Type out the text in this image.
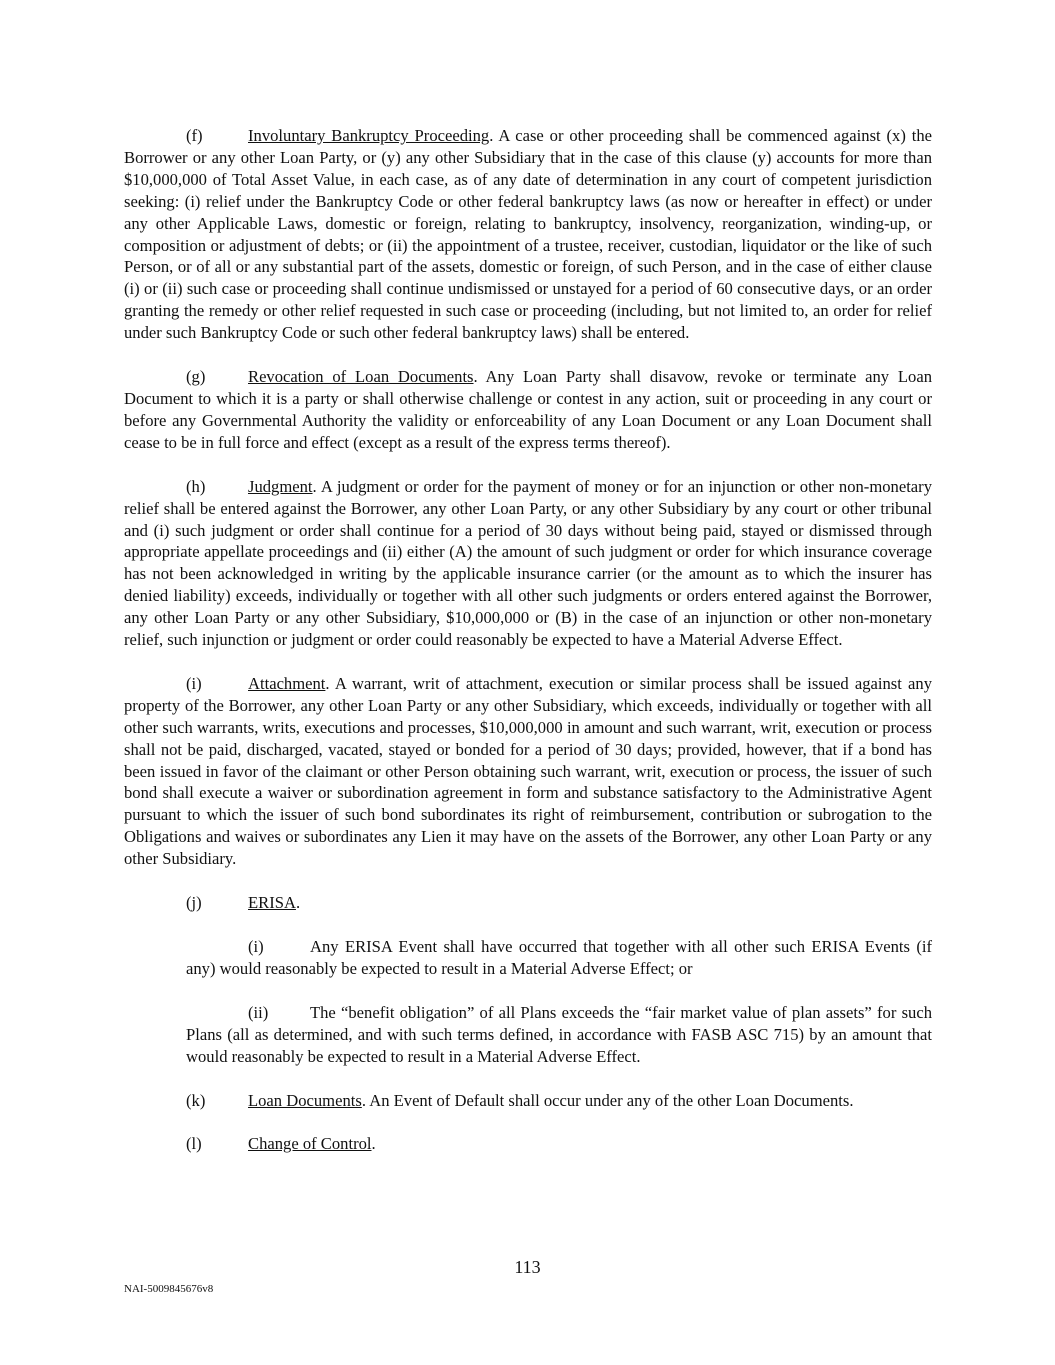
(f)	Involuntary Bankruptcy Proceeding. A case or other proceeding shall be commenced against (x) the Borrower or any other Loan Party, or (y) any other Subsidiary that in the case of this clause (y) accounts for more than $10,000,000 of Total Asset Value, in each case, as of any date of determination in any court of competent jurisdiction seeking: (i) relief under the Bankruptcy Code or other federal bankruptcy laws (as now or hereafter in effect) or under any other Applicable Laws, domestic or foreign, relating to bankruptcy, insolvency, reorganization, winding-up, or composition or adjustment of debts; or (ii) the appointment of a trustee, receiver, custodian, liquidator or the like of such Person, or of all or any substantial part of the assets, domestic or foreign, of such Person, and in the case of either clause (i) or (ii) such case or proceeding shall continue undismissed or unstayed for a period of 60 consecutive days, or an order granting the remedy or other relief requested in such case or proceeding (including, but not limited to, an order for relief under such Bankruptcy Code or such other federal bankruptcy laws) shall be entered.

(g)	Revocation of Loan Documents. Any Loan Party shall disavow, revoke or terminate any Loan Document to which it is a party or shall otherwise challenge or contest in any action, suit or proceeding in any court or before any Governmental Authority the validity or enforceability of any Loan Document or any Loan Document shall cease to be in full force and effect (except as a result of the express terms thereof).

(h)	Judgment. A judgment or order for the payment of money or for an injunction or other non-monetary relief shall be entered against the Borrower, any other Loan Party, or any other Subsidiary by any court or other tribunal and (i) such judgment or order shall continue for a period of 30 days without being paid, stayed or dismissed through appropriate appellate proceedings and (ii) either (A) the amount of such judgment or order for which insurance coverage has not been acknowledged in writing by the applicable insurance carrier (or the amount as to which the insurer has denied liability) exceeds, individually or together with all other such judgments or orders entered against the Borrower, any other Loan Party or any other Subsidiary, $10,000,000 or (B) in the case of an injunction or other non-monetary relief, such injunction or judgment or order could reasonably be expected to have a Material Adverse Effect.

(i)	Attachment. A warrant, writ of attachment, execution or similar process shall be issued against any property of the Borrower, any other Loan Party or any other Subsidiary, which exceeds, individually or together with all other such warrants, writs, executions and processes, $10,000,000 in amount and such warrant, writ, execution or process shall not be paid, discharged, vacated, stayed or bonded for a period of 30 days; provided, however, that if a bond has been issued in favor of the claimant or other Person obtaining such warrant, writ, execution or process, the issuer of such bond shall execute a waiver or subordination agreement in form and substance satisfactory to the Administrative Agent pursuant to which the issuer of such bond subordinates its right of reimbursement, contribution or subrogation to the Obligations and waives or subordinates any Lien it may have on the assets of the Borrower, any other Loan Party or any other Subsidiary.

(j)	ERISA.

(i)	Any ERISA Event shall have occurred that together with all other such ERISA Events (if any) would reasonably be expected to result in a Material Adverse Effect; or

(ii)	The “benefit obligation” of all Plans exceeds the “fair market value of plan assets” for such Plans (all as determined, and with such terms defined, in accordance with FASB ASC 715) by an amount that would reasonably be expected to result in a Material Adverse Effect.

(k)	Loan Documents. An Event of Default shall occur under any of the other Loan Documents.

(l)	Change of Control.

113
NAI-5009845676v8
